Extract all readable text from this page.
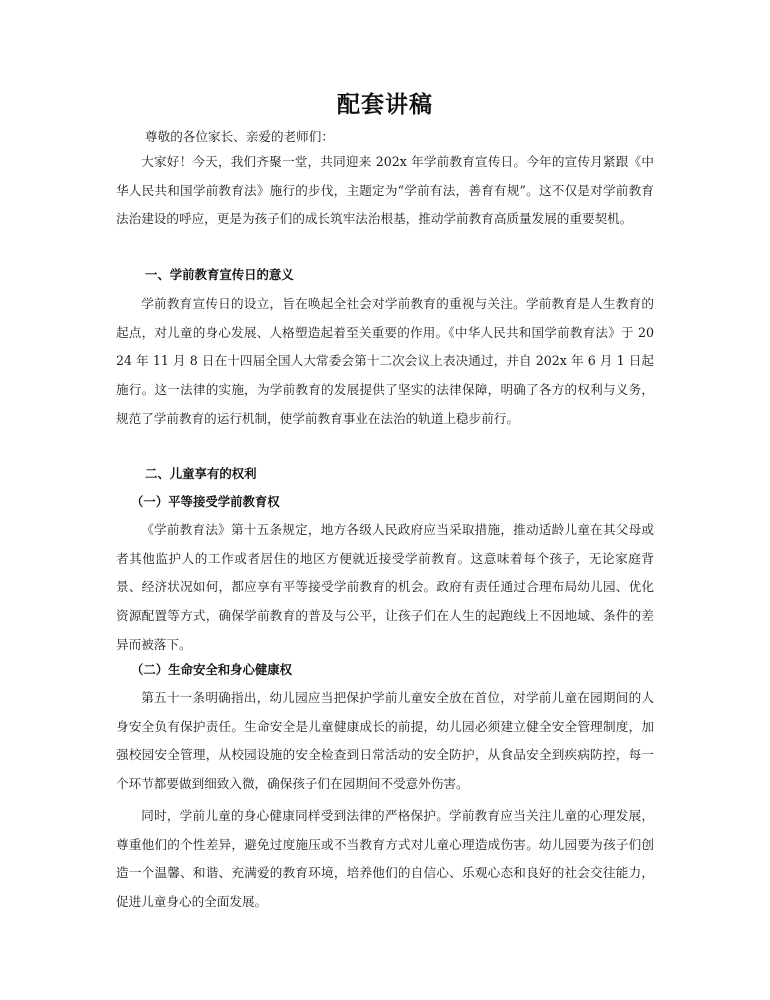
配套讲稿
尊敬的各位家长、亲爱的老师们：

大家好！今天，我们齐聚一堂，共同迎来 202x 年学前教育宣传日。今年的宣传月紧跟《中华人民共和国学前教育法》施行的步伐，主题定为“学前有法，善育有规”。这不仅是对学前教育法治建设的呼应，更是为孩子们的成长筑牢法治根基，推动学前教育高质量发展的重要契机。

一、学前教育宣传日的意义

学前教育宣传日的设立，旨在唤起全社会对学前教育的重视与关注。学前教育是人生教育的起点，对儿童的身心发展、人格塑造起着至关重要的作用。《中华人民共和国学前教育法》于 2024 年 11 月 8 日在十四届全国人大常委会第十二次会议上表决通过，并自 202x 年 6 月 1 日起施行。这一法律的实施，为学前教育的发展提供了坚实的法律保障，明确了各方的权利与义务，规范了学前教育的运行机制，使学前教育事业在法治的轨道上稳步前行。

二、儿童享有的权利
（一）平等接受学前教育权

《学前教育法》第十五条规定，地方各级人民政府应当采取措施，推动适龄儿童在其父母或者其他监护人的工作或者居住的地区方便就近接受学前教育。这意味着每个孩子，无论家庭背景、经济状况如何，都应享有平等接受学前教育的机会。政府有责任通过合理布局幼儿园、优化资源配置等方式，确保学前教育的普及与公平，让孩子们在人生的起跑线上不因地域、条件的差异而被落下。

（二）生命安全和身心健康权

第五十一条明确指出，幼儿园应当把保护学前儿童安全放在首位，对学前儿童在园期间的人身安全负有保护责任。生命安全是儿童健康成长的前提，幼儿园必须建立健全安全管理制度，加强校园安全管理，从校园设施的安全检查到日常活动的安全防护，从食品安全到疾病防控，每一个环节都要做到细致入微，确保孩子们在园期间不受意外伤害。

同时，学前儿童的身心健康同样受到法律的严格保护。学前教育应当关注儿童的心理发展，尊重他们的个性差异，避免过度施压或不当教育方式对儿童心理造成伤害。幼儿园要为孩子们创造一个温馨、和谐、充满爱的教育环境，培养他们的自信心、乐观心态和良好的社会交往能力，促进儿童身心的全面发展。
